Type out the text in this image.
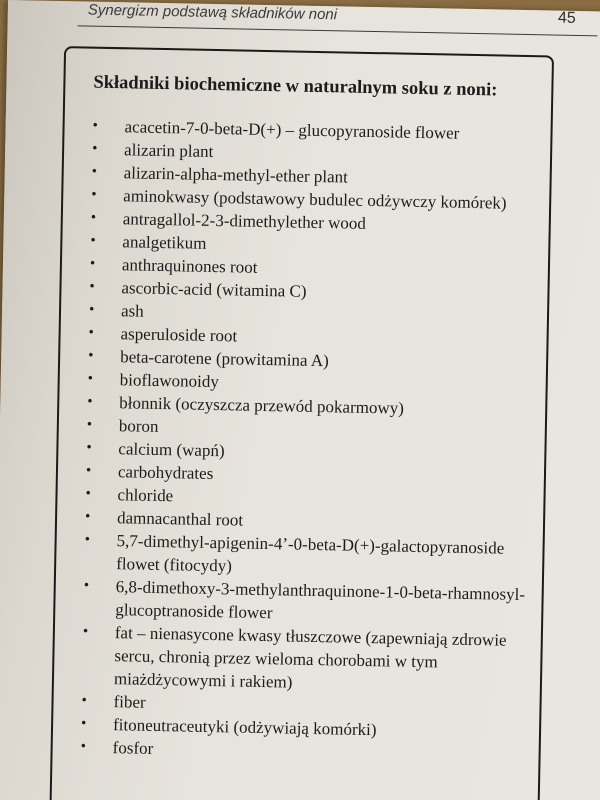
Synergizm podstawą składników noni	45
Składniki biochemiczne w naturalnym soku z noni:
• acacetin-7-0-beta-D(+) – glucopyranoside flower
• alizarin plant
• alizarin-alpha-methyl-ether plant
• aminokwasy (podstawowy budulec odżywczy komórek)
• antragallol-2-3-dimethylether wood
• analgetikum
• anthraquinones root
• ascorbic-acid (witamina C)
• ash
• asperuloside root
• beta-carotene (prowitamina A)
• bioflawonoidy
• błonnik (oczyszcza przewód pokarmowy)
• boron
• calcium (wapń)
• carbohydrates
• chloride
• damnacanthal root
• 5,7-dimethyl-apigenin-4’-0-beta-D(+)-galactopyranoside flowet (fitocydy)
• 6,8-dimethoxy-3-methylanthraquinone-1-0-beta-rhamnosyl-glucoptranoside flower
• fat – nienasycone kwasy tłuszczowe (zapewniają zdrowie sercu, chronią przez wieloma chorobami w tym miażdżycowymi i rakiem)
• fiber
• fitoneutraceutyki (odżywiają komórki)
• fosfor
